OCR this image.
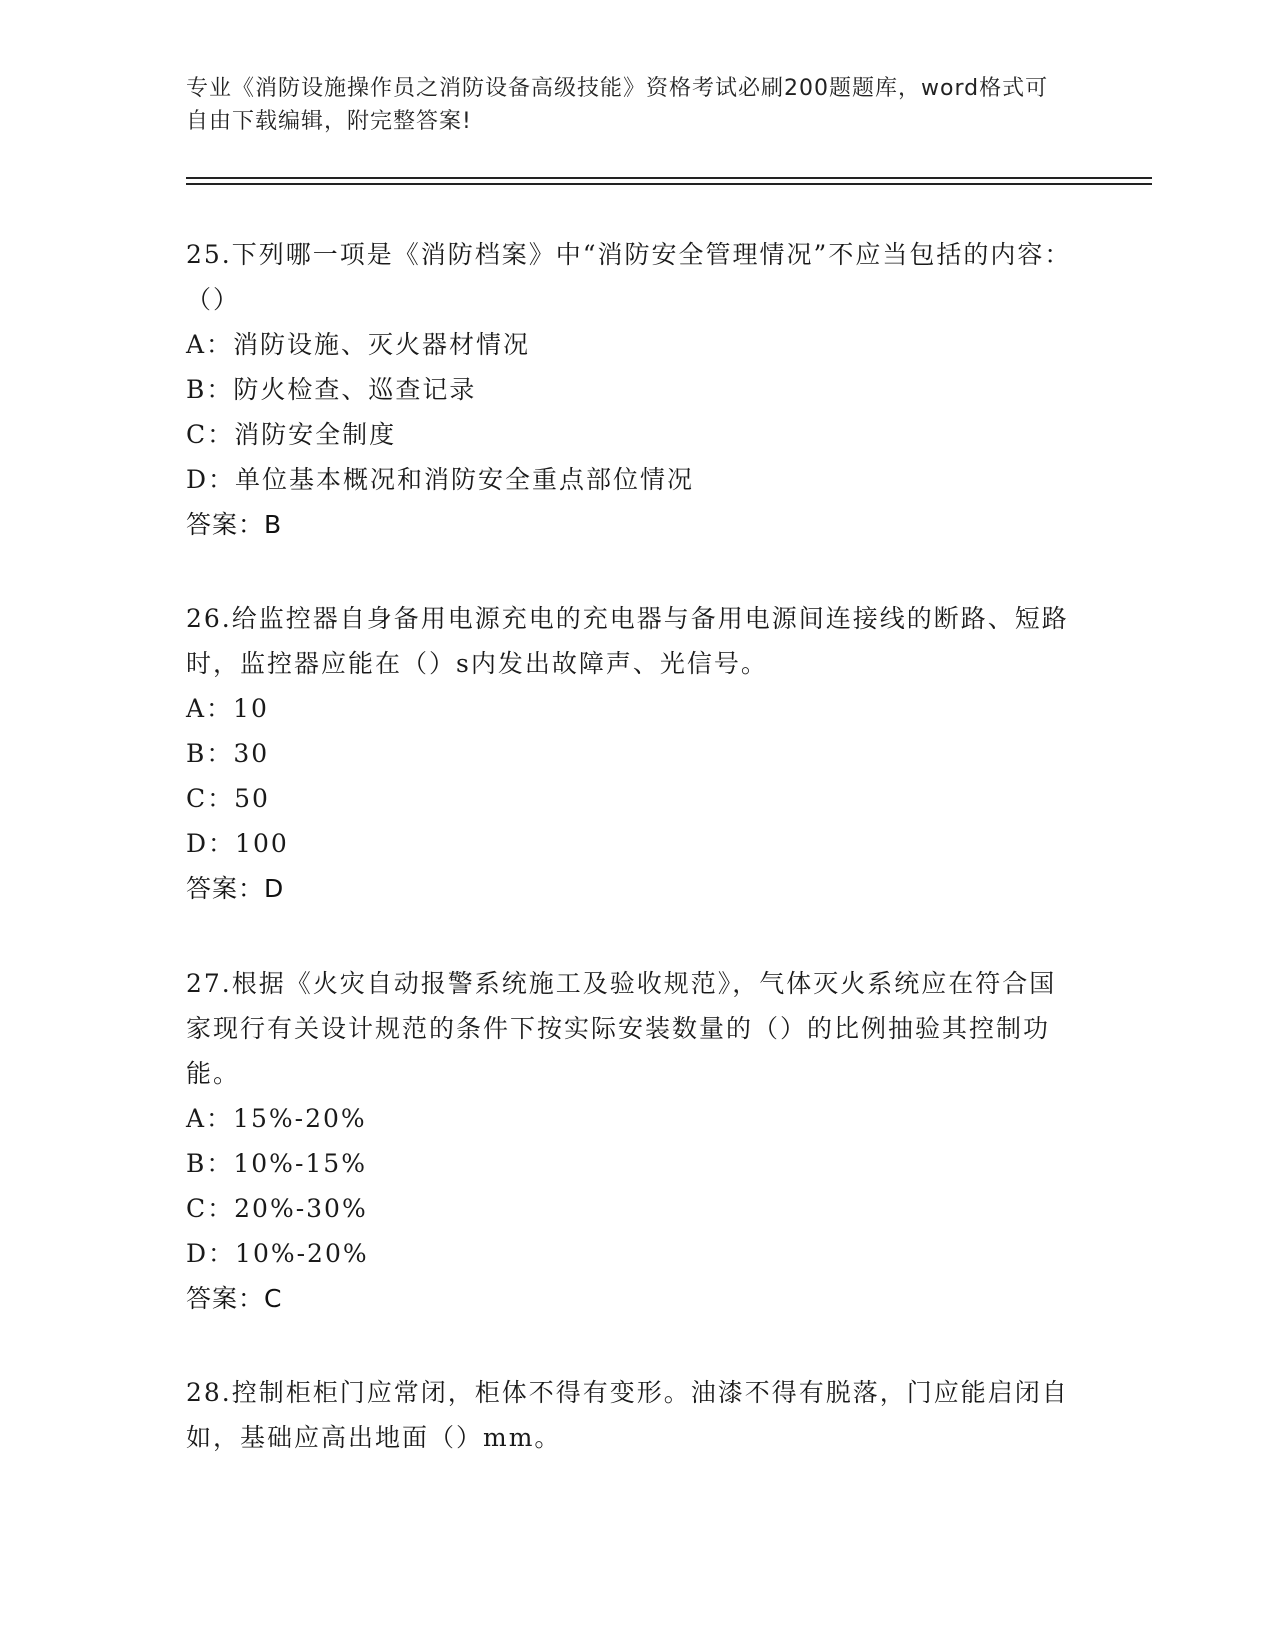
专业《消防设施操作员之消防设备高级技能》资格考试必刷200题题库，word格式可自由下载编辑，附完整答案!

25.下列哪一项是《消防档案》中“消防安全管理情况”不应当包括的内容：（）

A：消防设施、灭火器材情况

B：防火检查、巡查记录

C：消防安全制度

D：单位基本概况和消防安全重点部位情况

答案：B

26.给监控器自身备用电源充电的充电器与备用电源间连接线的断路、短路时，监控器应能在（）s内发出故障声、光信号。

A：10

B：30

C：50

D：100

答案：D

27.根据《火灾自动报警系统施工及验收规范》，气体灭火系统应在符合国家现行有关设计规范的条件下按实际安装数量的（）的比例抽验其控制功能。

A：15%-20%

B：10%-15%

C：20%-30%

D：10%-20%

答案：C

28.控制柜柜门应常闭，柜体不得有变形。油漆不得有脱落，门应能启闭自如，基础应高出地面（）mm。
